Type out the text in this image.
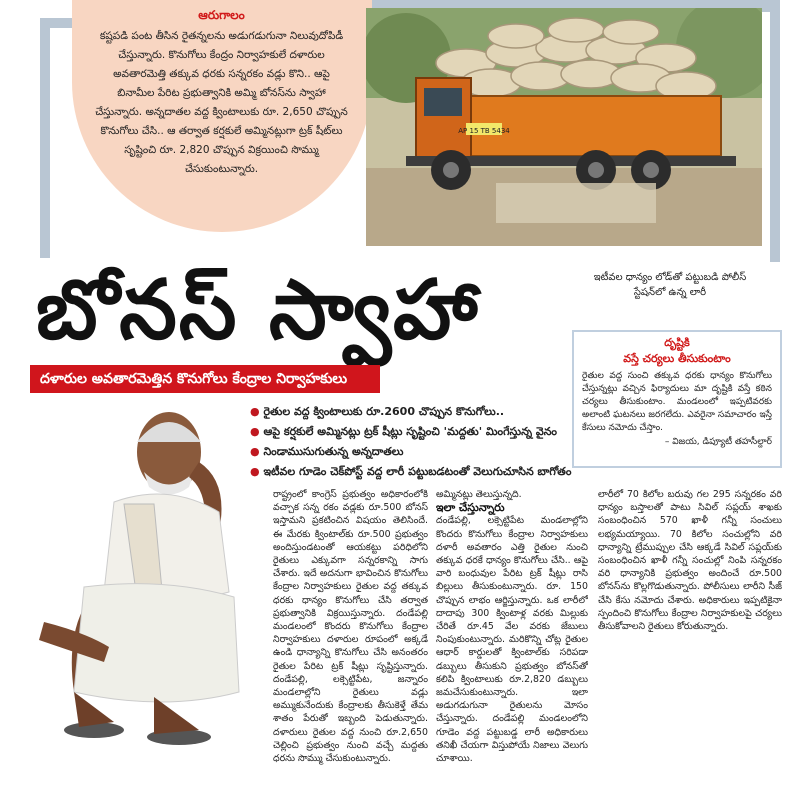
ఆరుగాలం
కష్టపడి పంట తీసిన రైతన్నలను అడుగడుగునా నిలువుదోపిడీ చేస్తున్నారు. కొనుగోలు కేంద్రం నిర్వాహకులే దళారుల అవతారమెత్తి తక్కువ ధరకు సన్నరకం వడ్లు కొని.. ఆపై బినామీల పేరిట ప్రభుత్వానికి అమ్మి బోనస్‌ను స్వాహా చేస్తున్నారు. అన్నదాతల వద్ద క్వింటాలుకు రూ. 2,650 చొప్పున కొనుగోలు చేసి.. ఆ తర్వాత కర్షకులే అమ్మినట్లుగా ట్రక్‌ షీట్‌లు సృష్టించి రూ. 2,820 చొప్పున విక్రయించి సొమ్ము చేసుకుంటున్నారు.
AP 15 TB 5434
ఇటీవల ధాన్యం లోడ్‌తో పట్టుబడి పోలీస్‌ స్టేషన్‌లో ఉన్న లారీ
బోనస్‌ స్వాహా
దళారుల అవతారమెత్తిన కొనుగోలు కేంద్రాల నిర్వాహకులు
దృష్టికి
వస్తే చర్యలు తీసుకుంటాం
రైతుల వద్ద సుంచి తక్కువ ధరకు ధాన్యం కొనుగోలు చేస్తున్నట్లు వచ్చిన ఫిర్యాదులు మా దృష్టికి వస్తే కఠిన చర్యలు తీసుకుంటాం. మండలంలో ఇప్పటివరకు అలాంటి ఘటనలు జరగలేదు. ఎవరైనా సమాచారం ఇస్తే కేసులు నమోదు చేస్తాం.
– విజయ, డిప్యూటీ తహసీల్దార్‌
● రైతుల వద్ద క్వింటాలుకు రూ.2600 చొప్పున కొనుగోలు..
● ఆపై కర్షకులే అమ్మినట్లు ట్రక్‌ షీట్లు సృష్టించి 'మద్దతు' మింగేస్తున్న వైనం
● నిండాముసుగుతున్న అన్నదాతలు
● ఇటీవల గూడెం చెక్‌పోస్ట్‌ వద్ద లారీ పట్టుబడటంతో వెలుగుచూసిన బాగోతం

రాష్ట్రంలో కాంగ్రెస్‌ ప్రభుత్వం అధికారంలోకి వచ్చాక సన్న రకం వడ్లకు రూ.500 బోనస్‌ ఇస్తామని ప్రకటించిన విషయం తెలిసిందే. ఈ మేరకు క్వింటాల్‌కు రూ.500 ప్రభుత్వం అందిస్తుండటంతో ఆయకట్టు పరిధిలోని రైతులు ఎక్కువగా సన్నరకాన్ని సాగు చేశారు. ఇదే అదనుగా భావించిన కొనుగోలు కేంద్రాల నిర్వాహకులు రైతుల వద్ద తక్కువ ధరకు ధాన్యం కొనుగోలు చేసి తర్వాత ప్రభుత్వానికి విక్రయిస్తున్నారు. దండేపల్లి మండలంలో కొందరు కొనుగోలు కేంద్రాల నిర్వాహకులు దళారుల రూపంలో అక్కడే ఉండి ధాన్యాన్ని కొనుగోలు చేసి అనంతరం రైతుల పేరిట ట్రక్‌ షీట్లు సృష్టిస్తున్నారు. దండేపల్లి, లక్సెట్టిపేట, జన్నారం మండలాల్లోని రైతులు వడ్లు అమ్ముకునేందుకు కేంద్రాలకు తీసుకెళ్తే తేమ శాతం పేరుతో ఇబ్బంది పెడుతున్నారు. దళారులు రైతుల వద్ద నుంచి రూ.2,650 చెల్లించి ప్రభుత్వం నుంచి వచ్చే మద్దతు ధరను సొమ్ము చేసుకుంటున్నారు.

అమ్మినట్లు తెలుస్తున్నది.

ఇలా చేస్తున్నారు

దండేపల్లి, లక్సెట్టిపేట మండలాల్లోని కొందరు కొనుగోలు కేంద్రాల నిర్వాహకులు దళారీ అవతారం ఎత్తి రైతుల నుంచి తక్కువ ధరకే ధాన్యం కొనుగోలు చేసి.. ఆపై వారి బంధువుల పేరిట ట్రక్‌ షీట్లు రాసి బిల్లులు తీసుకుంటున్నారు. రూ. 150 చొప్పున లాభం ఆర్జిస్తున్నారు. ఒక లారీలో దాదాపు 300 క్వింటాళ్ల వరకు మిల్లుకు చేరితే రూ.45 వేల వరకు జేబులు నింపుకుంటున్నారు. మరికొన్ని చోట్ల రైతుల ఆధార్‌ కార్డులతో క్వింటాల్‌కు సరిపడా డబ్బులు తీసుకుని ప్రభుత్వం బోనస్‌తో కలిపి క్వింటాలుకు రూ.2,820 డబ్బులు జమచేసుకుంటున్నారు. ఇలా అడుగడుగునా రైతులను మోసం చేస్తున్నారు. దండేపల్లి మండలంలోని గూడెం వద్ద పట్టుబడ్డ లారీ అధికారులు తనిఖీ చేయగా విస్తుపోయే నిజాలు వెలుగు చూశాయి.

లారీలో 70 కిలోల బరువు గల 295 సన్నరకం వరి ధాన్యం బస్తాలతో పాటు సివిల్‌ సప్లయ్‌ శాఖకు సంబంధించిన 570 ఖాళీ గన్నీ సంచులు లభ్యమయ్యాయి. 70 కిలోల సంచుల్లోని వరి ధాన్యాన్ని ట్రేముప్పుల చేసి ఆక్కడే సివిల్‌ సప్లయ్‌కు సంబంధించిన ఖాళీ గన్నీ సంచుల్లో నింపి సన్నరకం వరి ధాన్యానికి ప్రభుత్వం అందించే రూ.500 బోనస్‌ను కొల్లగొడుతున్నారు. పోలీసులు లారీని సీజ్‌ చేసి కేసు నమోదు చేశారు. అధికారులు ఇప్పటికైనా స్పందించి కొనుగోలు కేంద్రాల నిర్వాహకులపై చర్యలు తీసుకోవాలని రైతులు కోరుతున్నారు.
